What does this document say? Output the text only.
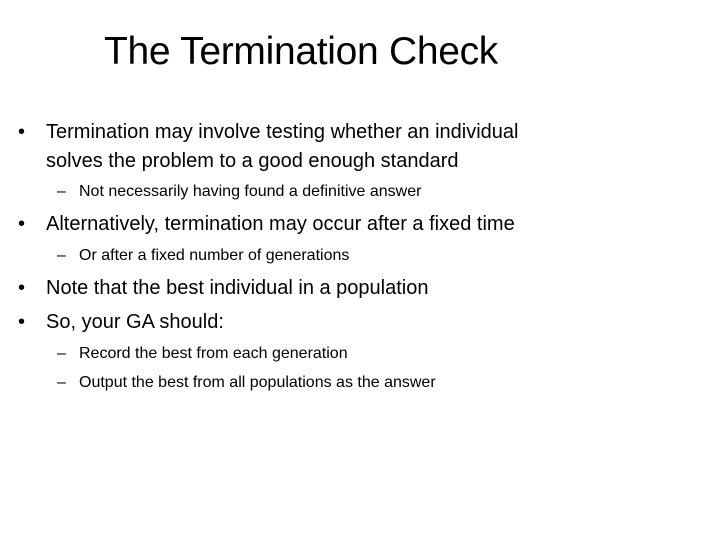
The Termination Check
• Termination may involve testing whether an individual
solves the problem to a good enough standard
– Not necessarily having found a definitive answer
• Alternatively, termination may occur after a fixed time
– Or after a fixed number of generations
• Note that the best individual in a population
• So, your GA should:
– Record the best from each generation
– Output the best from all populations as the answer
